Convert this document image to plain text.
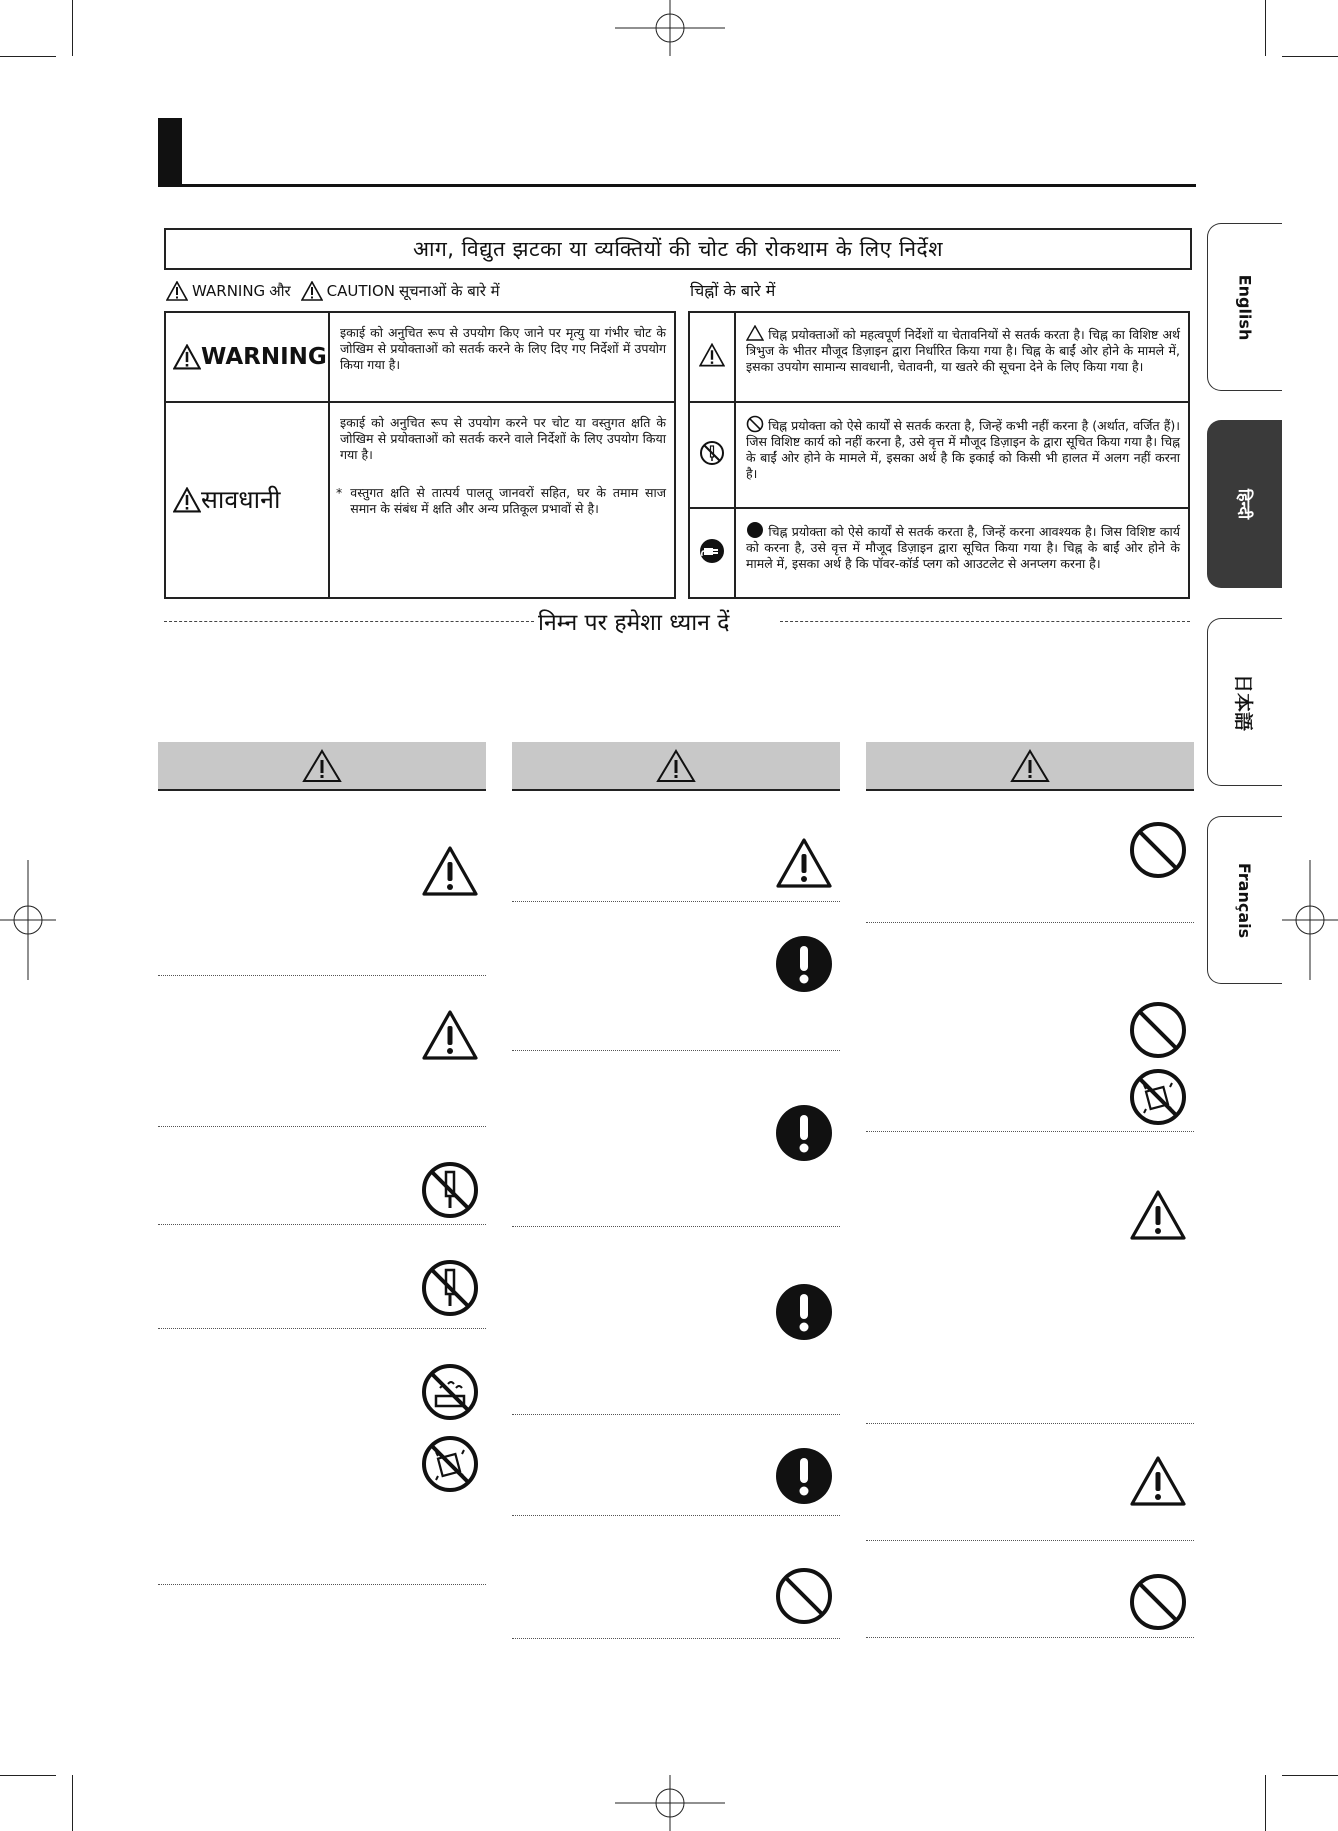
आग, विद्युत झटका या व्यक्तियों की चोट की रोकथाम के लिए निर्देश
WARNING और CAUTION सूचनाओं के बारे में	चिह्नों के बारे में
WARNING	इकाई को अनुचित रूप से उपयोग किए जाने पर मृत्यु या गंभीर चोट के जोखिम से प्रयोक्ताओं को सतर्क करने के लिए दिए गए निर्देशों में उपयोग किया गया है।

सावधानी	इकाई को अनुचित रूप से उपयोग करने पर चोट या वस्तुगत क्षति के जोखिम से प्रयोक्ताओं को सतर्क करने वाले निर्देशों के लिए उपयोग किया गया है।
* वस्तुगत क्षति से तात्पर्य पालतू जानवरों सहित, घर के तमाम साज समान के संबंध में क्षति और अन्य प्रतिकूल प्रभावों से है।
	चिह्न प्रयोक्ताओं को महत्वपूर्ण निर्देशों या चेतावनियों से सतर्क करता है। चिह्न का विशिष्ट अर्थ त्रिभुज के भीतर मौजूद डिज़ाइन द्वारा निर्धारित किया गया है। चिह्न के बाईं ओर होने के मामले में, इसका उपयोग सामान्य सावधानी, चेतावनी, या खतरे की सूचना देने के लिए किया गया है।
	चिह्न प्रयोक्ता को ऐसे कार्यों से सतर्क करता है, जिन्हें कभी नहीं करना है (अर्थात, वर्जित हैं)। जिस विशिष्ट कार्य को नहीं करना है, उसे वृत्त में मौजूद डिज़ाइन के द्वारा सूचित किया गया है। चिह्न के बाईं ओर होने के मामले में, इसका अर्थ है कि इकाई को किसी भी हालत में अलग नहीं करना है।
	चिह्न प्रयोक्ता को ऐसे कार्यों से सतर्क करता है, जिन्हें करना आवश्यक है। जिस विशिष्ट कार्य को करना है, उसे वृत्त में मौजूद डिज़ाइन द्वारा सूचित किया गया है। चिह्न के बाईं ओर होने के मामले में, इसका अर्थ है कि पॉवर-कॉर्ड प्लग को आउटलेट से अनप्लग करना है।
निम्न पर हमेशा ध्यान दें
English
हिन्दी
日本語
Français
